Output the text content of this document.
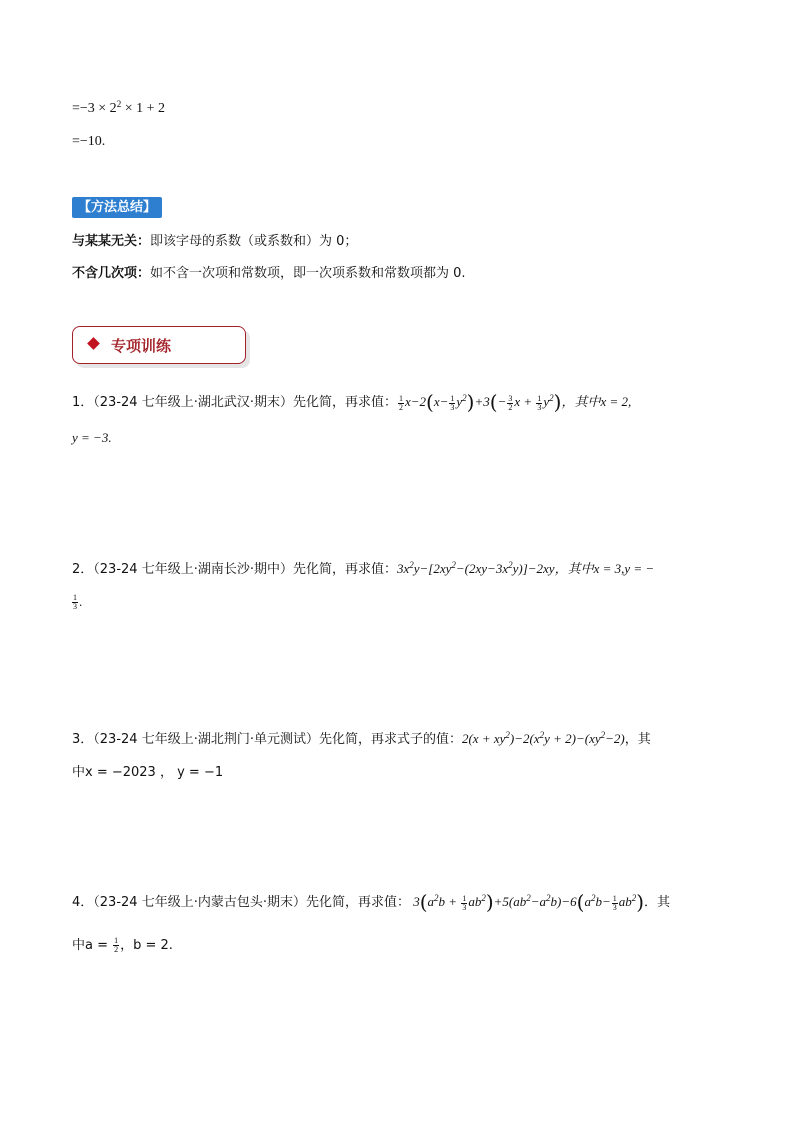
$=-3 \times 2^2 \times 1 + 2$
=−10.
【方法总结】
与某某无关：即该字母的系数（或系数和）为 0；
不含几次项：如不含一次项和常数项，即一次项系数和常数项都为 0.
专项训练
1．（23-24 七年级上·湖北武汉·期末）先化简，再求值： $\frac{1}{2} x-2(x- \frac{1}{3} y^2)+3(- \frac{3}{2}$ $x + \frac{1}{3} y^2$)，其中x = 2,
y = −3.
2．（23-24 七年级上·湖南长沙·期中）先化简，再求值：$3x^2y-[2xy^2-(2xy-3x^2y)]-2xy$，其中x = 3,y = −
$\frac{1}{3}$ .
3．（23-24 七年级上·湖北荆门·单元测试）先化简，再求式子的值：$2(x + xy^2)-2(x^2y + 2)-(xy^2-2)$，其
中x = −2023 ， y = −1
4．（23-24 七年级上·内蒙古包头·期末）先化简，再求值： $3(a^2b + \frac{1}{3} ab^2)+5(ab^2-a^2b)-6(a^2b- \frac{1}{3} ab^2)$．其
中$a = \frac{1}{2}$ ，b = 2.
